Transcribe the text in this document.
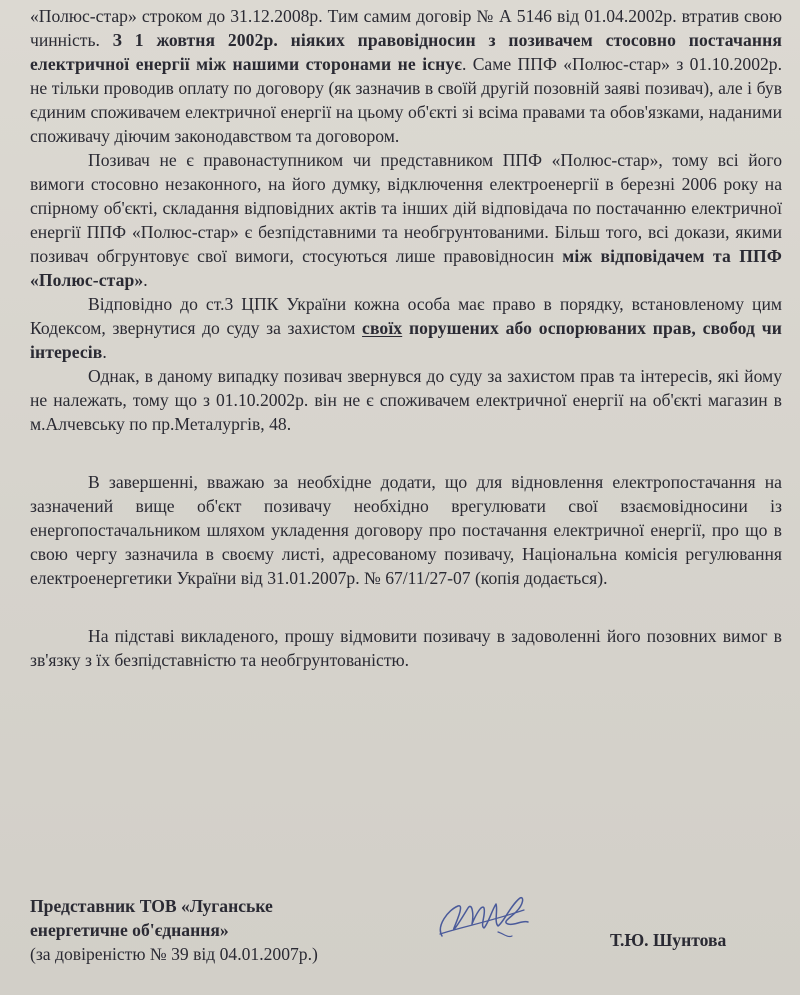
«Полюс-стар» строком до 31.12.2008р. Тим самим договір № А 5146 від 01.04.2002р. втратив свою чинність. З 1 жовтня 2002р. ніяких правовідносин з позивачем стосовно постачання електричної енергії між нашими сторонами не існує. Саме ППФ «Полюс-стар» з 01.10.2002р. не тільки проводив оплату по договору (як зазначив в своїй другій позовній заяві позивач), але і був єдиним споживачем електричної енергії на цьому об'єкті зі всіма правами та обов'язками, наданими споживачу діючим законодавством та договором.

Позивач не є правонаступником чи представником ППФ «Полюс-стар», тому всі його вимоги стосовно незаконного, на його думку, відключення електроенергії в березні 2006 року на спірному об'єкті, складання відповідних актів та інших дій відповідача по постачанню електричної енергії ППФ «Полюс-стар» є безпідставними та необгрунтованими. Більш того, всі докази, якими позивач обгрунтовує свої вимоги, стосуються лише правовідносин між відповідачем та ППФ «Полюс-стар».

Відповідно до ст.3 ЦПК України кожна особа має право в порядку, встановленому цим Кодексом, звернутися до суду за захистом своїх порушених або оспорюваних прав, свобод чи інтересів.

Однак, в даному випадку позивач звернувся до суду за захистом прав та інтересів, які йому не належать, тому що з 01.10.2002р. він не є споживачем електричної енергії на об'єкті магазин в м.Алчевську по пр.Металургів, 48.

В завершенні, вважаю за необхідне додати, що для відновлення електропостачання на зазначений вище об'єкт позивачу необхідно врегулювати свої взаємовідносини із енергопостачальником шляхом укладення договору про постачання електричної енергії, про що в свою чергу зазначила в своєму листі, адресованому позивачу, Національна комісія регулювання електроенергетики України від 31.01.2007р. № 67/11/27-07 (копія додається).

На підставі викладеного, прошу відмовити позивачу в задоволенні його позовних вимог в зв'язку з їх безпідставністю та необгрунтованістю.

Представник ТОВ «Луганське
енергетичне об'єднання»
(за довіреністю № 39 від 04.01.2007р.)
Т.Ю. Шунтова
